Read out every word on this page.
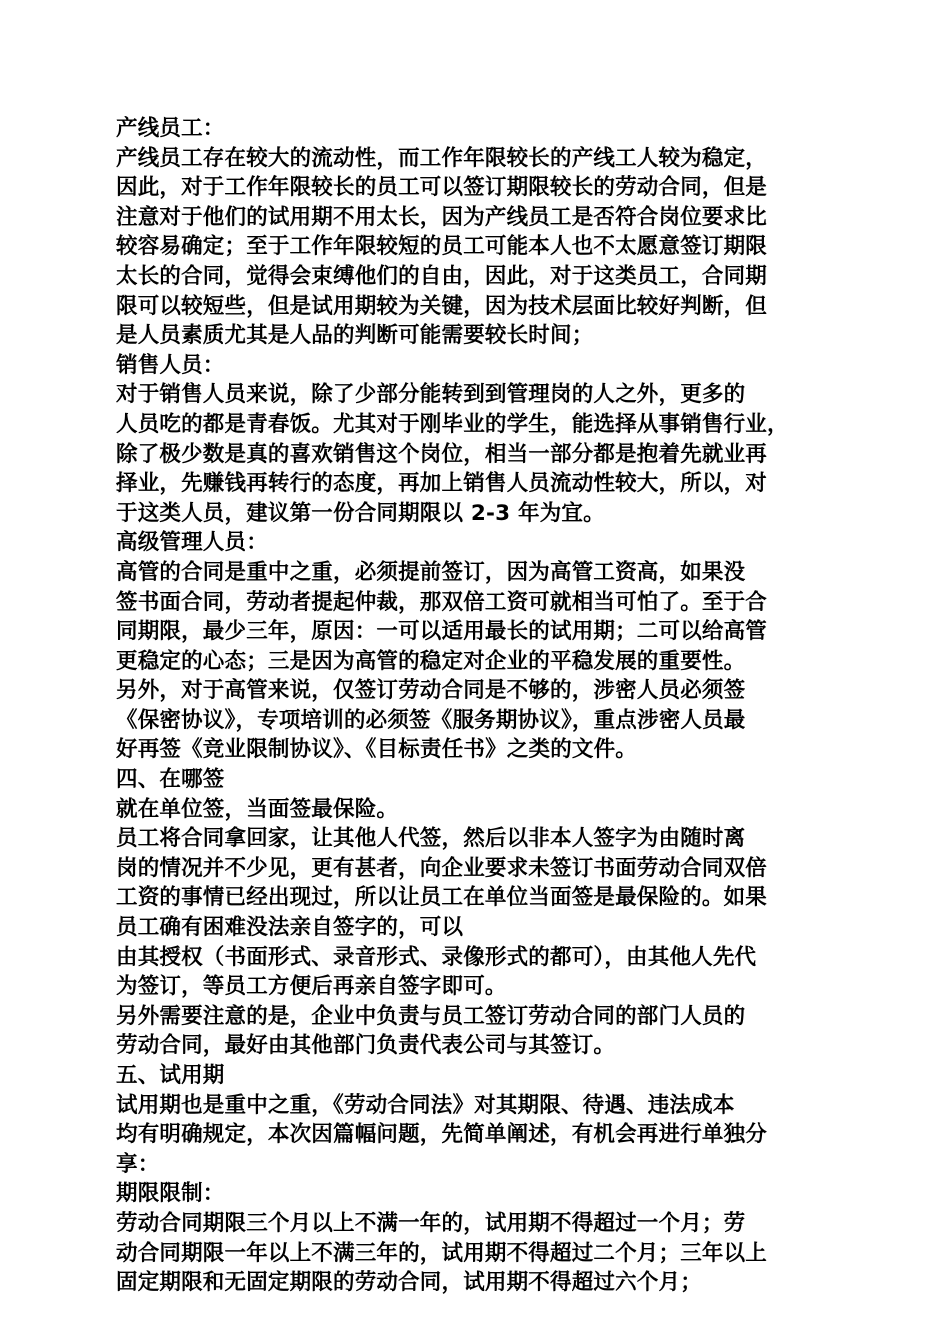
产线员工：
产线员工存在较大的流动性，而工作年限较长的产线工人较为稳定，
因此，对于工作年限较长的员工可以签订期限较长的劳动合同，但是
注意对于他们的试用期不用太长，因为产线员工是否符合岗位要求比
较容易确定；至于工作年限较短的员工可能本人也不太愿意签订期限
太长的合同，觉得会束缚他们的自由，因此，对于这类员工，合同期
限可以较短些，但是试用期较为关键，因为技术层面比较好判断，但
是人员素质尤其是人品的判断可能需要较长时间；
销售人员：
对于销售人员来说，除了少部分能转到到管理岗的人之外，更多的
人员吃的都是青春饭。尤其对于刚毕业的学生，能选择从事销售行业，
除了极少数是真的喜欢销售这个岗位，相当一部分都是抱着先就业再
择业，先赚钱再转行的态度，再加上销售人员流动性较大，所以，对
于这类人员，建议第一份合同期限以 2-3 年为宜。
高级管理人员：
高管的合同是重中之重，必须提前签订，因为高管工资高，如果没
签书面合同，劳动者提起仲裁，那双倍工资可就相当可怕了。至于合
同期限，最少三年，原因：一可以适用最长的试用期；二可以给高管
更稳定的心态；三是因为高管的稳定对企业的平稳发展的重要性。
另外，对于高管来说，仅签订劳动合同是不够的，涉密人员必须签
《保密协议》，专项培训的必须签《服务期协议》，重点涉密人员最
好再签《竞业限制协议》、《目标责任书》之类的文件。
四、在哪签
就在单位签，当面签最保险。
员工将合同拿回家，让其他人代签，然后以非本人签字为由随时离
岗的情况并不少见，更有甚者，向企业要求未签订书面劳动合同双倍
工资的事情已经出现过，所以让员工在单位当面签是最保险的。如果
员工确有困难没法亲自签字的，可以
由其授权（书面形式、录音形式、录像形式的都可），由其他人先代
为签订，等员工方便后再亲自签字即可。
另外需要注意的是，企业中负责与员工签订劳动合同的部门人员的
劳动合同，最好由其他部门负责代表公司与其签订。
五、试用期
试用期也是重中之重，《劳动合同法》对其期限、待遇、违法成本
均有明确规定，本次因篇幅问题，先简单阐述，有机会再进行单独分
享：
期限限制：
劳动合同期限三个月以上不满一年的，试用期不得超过一个月；劳
动合同期限一年以上不满三年的，试用期不得超过二个月；三年以上
固定期限和无固定期限的劳动合同，试用期不得超过六个月；
